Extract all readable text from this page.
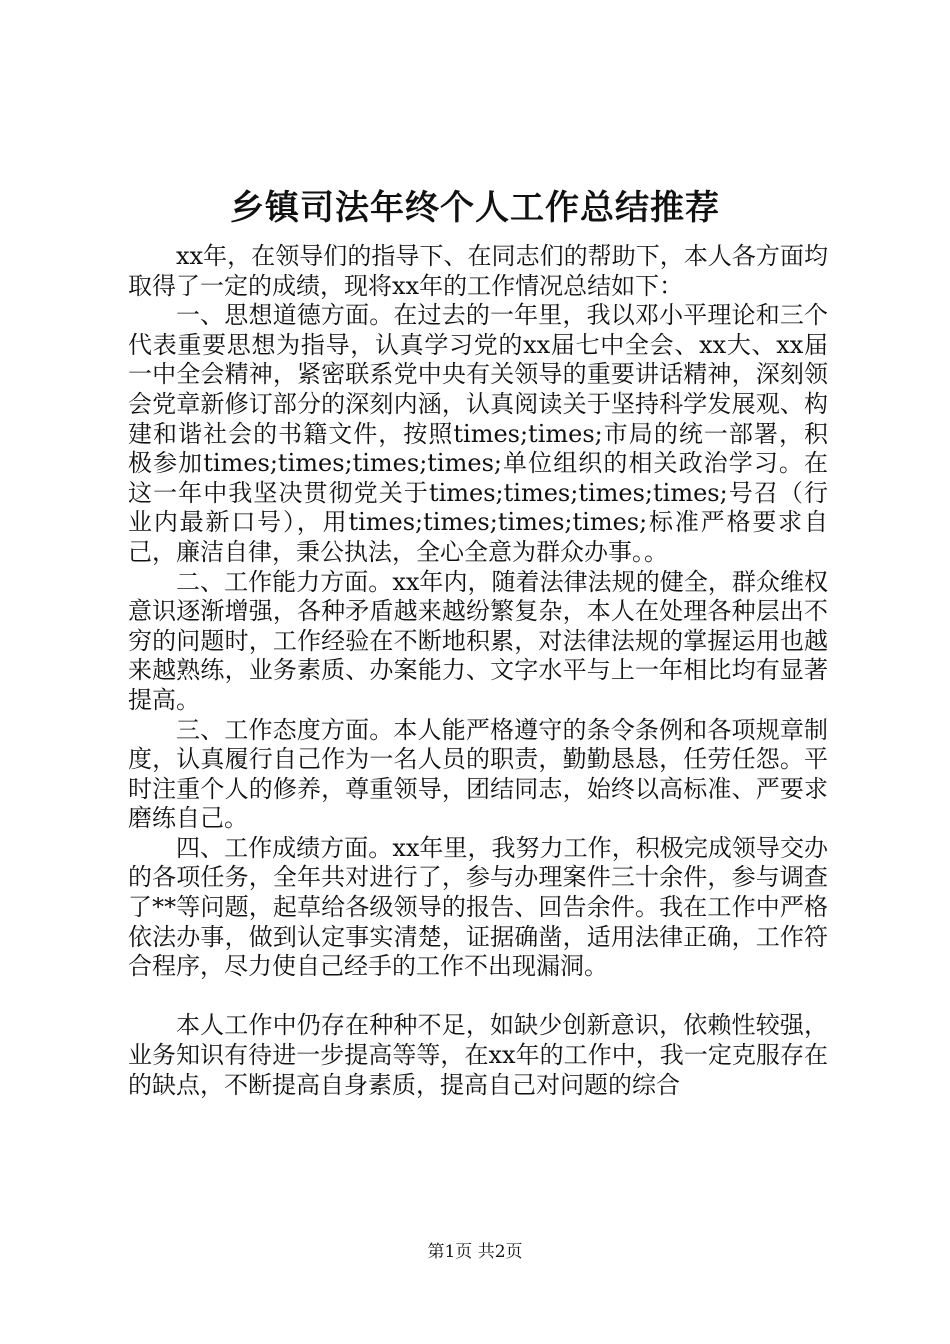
乡镇司法年终个人工作总结推荐

xx年，在领导们的指导下、在同志们的帮助下，本人各方面均取得了一定的成绩，现将xx年的工作情况总结如下：

一、思想道德方面。在过去的一年里，我以邓小平理论和三个代表重要思想为指导，认真学习党的xx届七中全会、xx大、xx届一中全会精神，紧密联系党中央有关领导的重要讲话精神，深刻领会党章新修订部分的深刻内涵，认真阅读关于坚持科学发展观、构建和谐社会的书籍文件，按照times;times;市局的统一部署，积极参加times;times;times;times;单位组织的相关政治学习。在这一年中我坚决贯彻党关于times;times;times;times;号召（行业内最新口号），用times;times;times;times;标准严格要求自己，廉洁自律，秉公执法，全心全意为群众办事。。

二、工作能力方面。xx年内，随着法律法规的健全，群众维权意识逐渐增强，各种矛盾越来越纷繁复杂，本人在处理各种层出不穷的问题时，工作经验在不断地积累，对法律法规的掌握运用也越来越熟练，业务素质、办案能力、文字水平与上一年相比均有显著提高。

三、工作态度方面。本人能严格遵守的条令条例和各项规章制度，认真履行自己作为一名人员的职责，勤勤恳恳，任劳任怨。平时注重个人的修养，尊重领导，团结同志，始终以高标准、严要求磨练自己。

四、工作成绩方面。xx年里，我努力工作，积极完成领导交办的各项任务，全年共对进行了，参与办理案件三十余件，参与调查了**等问题，起草给各级领导的报告、回告余件。我在工作中严格依法办事，做到认定事实清楚，证据确凿，适用法律正确，工作符合程序，尽力使自己经手的工作不出现漏洞。

本人工作中仍存在种种不足，如缺少创新意识，依赖性较强，业务知识有待进一步提高等等，在xx年的工作中，我一定克服存在的缺点，不断提高自身素质，提高自己对问题的综合

第1页 共2页
